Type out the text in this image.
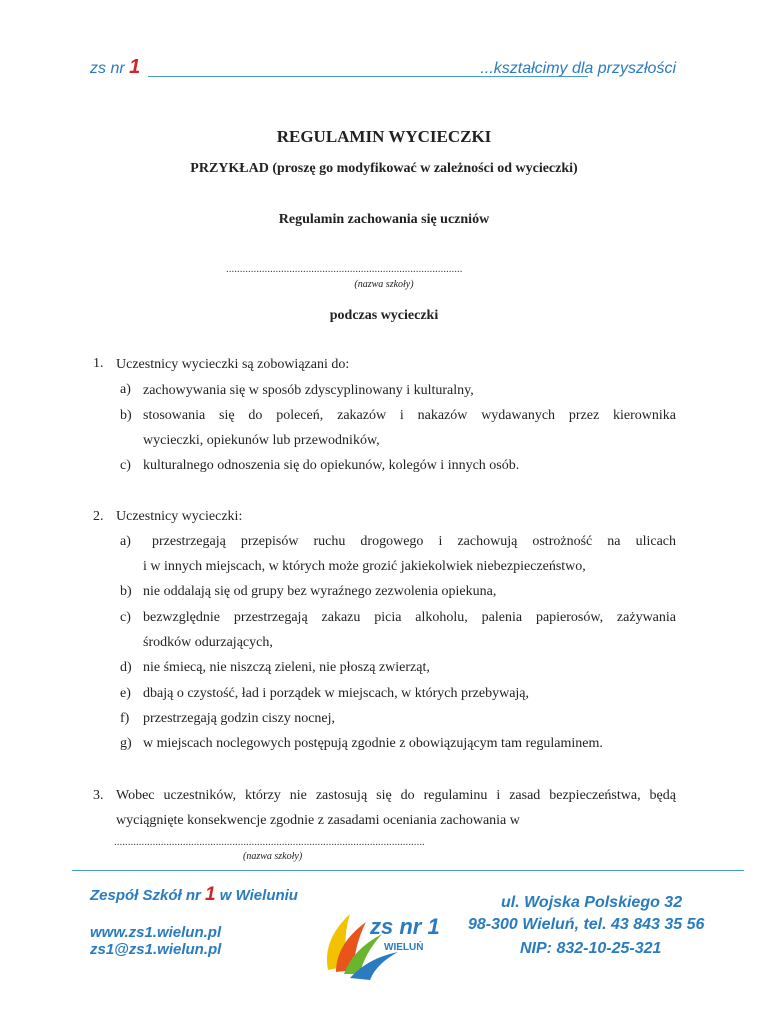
zs nr 1	...kształcimy dla przyszłości
REGULAMIN WYCIECZKI
PRZYKŁAD (proszę go modyfikować w zależności od wycieczki)
Regulamin zachowania się uczniów
......................................................................................
(nazwa szkoły)
podczas wycieczki
1. Uczestnicy wycieczki są zobowiązani do:
a) zachowywania się w sposób zdyscyplinowany i kulturalny,
b) stosowania się do poleceń, zakazów i nakazów wydawanych przez kierownika
wycieczki, opiekunów lub przewodników,
c) kulturalnego odnoszenia się do opiekunów, kolegów i innych osób.
2. Uczestnicy wycieczki:
a) przestrzegają przepisów ruchu drogowego i zachowują ostrożność na ulicach
i w innych miejscach, w których może grozić jakiekolwiek niebezpieczeństwo,
b) nie oddalają się od grupy bez wyraźnego zezwolenia opiekuna,
c) bezwzględnie przestrzegają zakazu picia alkoholu, palenia papierosów, zażywania
środków odurzających,
d) nie śmiecą, nie niszczą zieleni, nie płoszą zwierząt,
e) dbają o czystość, ład i porządek w miejscach, w których przebywają,
f) przestrzegają godzin ciszy nocnej,
g) w miejscach noclegowych postępują zgodnie z obowiązującym tam regulaminem.
3. Wobec uczestników, którzy nie zastosują się do regulaminu i zasad bezpieczeństwa, będą
wyciągnięte konsekwencje zgodnie z zasadami oceniania zachowania w
.................................................................................................................
(nazwa szkoły)
Zespół Szkół nr 1 w Wieluniu
www.zs1.wielun.pl
zs1@zs1.wielun.pl
zs nr 1
WIELUŃ
ul. Wojska Polskiego 32
98-300 Wieluń, tel. 43 843 35 56
NIP: 832-10-25-321
